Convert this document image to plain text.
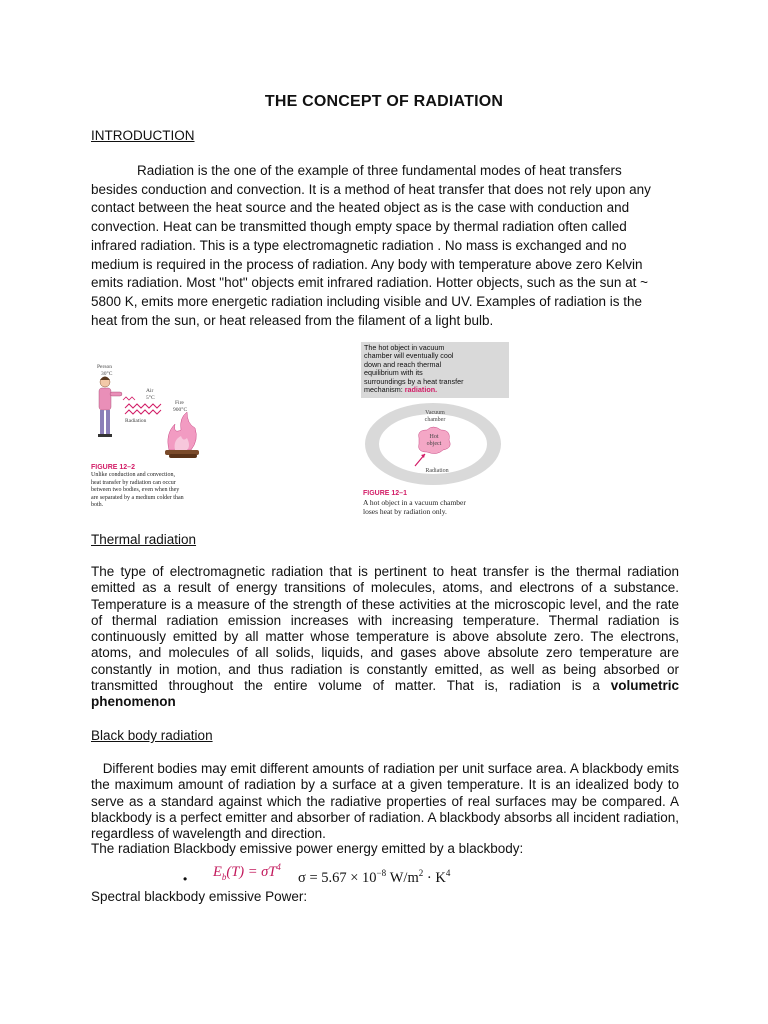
THE CONCEPT OF RADIATION
INTRODUCTION
Radiation is the one of the example of three fundamental modes of heat transfers
besides conduction and convection. It is a method of heat transfer that does not rely upon any
contact between the heat source and the heated object as is the case with conduction and
convection. Heat can be transmitted though empty space by thermal radiation often called
infrared radiation. This is a type electromagnetic radiation . No mass is exchanged and no
medium is required in the process of radiation. Any body with temperature above zero Kelvin
emits radiation. Most "hot" objects emit infrared radiation. Hotter objects, such as the sun at ~
5800 K, emits more energetic radiation including visible and UV. Examples of radiation is the
heat from the sun, or heat released from the filament of a light bulb.
Person
30°C
Air
5°C
Fire
900°C
Radiation
FIGURE 12–2
Unlike conduction and convection,
heat transfer by radiation can occur
between two bodies, even when they
are separated by a medium colder than
both.
The hot object in vacuum
chamber will eventually cool
down and reach thermal
equilibrium with its
surroundings by a heat transfer
mechanism: radiation.
Vacuum
chamber
Hot
object
Radiation
FIGURE 12–1
A hot object in a vacuum chamber
loses heat by radiation only.
Thermal radiation
The type of electromagnetic radiation that is pertinent to heat transfer is the thermal radiation emitted as a result of energy transitions of molecules, atoms, and electrons of a substance. Temperature is a measure of the strength of these activities at the microscopic level, and the rate of thermal radiation emission increases with increasing temperature. Thermal radiation is continuously emitted by all matter whose temperature is above absolute zero. The electrons, atoms, and molecules of all solids, liquids, and gases above absolute zero temperature are constantly in motion, and thus radiation is constantly emitted, as well as being absorbed or transmitted throughout the entire volume of matter. That is, radiation is a volumetric phenomenon
Black body radiation
Different bodies may emit different amounts of radiation per unit surface area. A blackbody emits the maximum amount of radiation by a surface at a given temperature. It is an idealized body to serve as a standard against which the radiative properties of real surfaces may be compared. A blackbody is a perfect emitter and absorber of radiation. A blackbody absorbs all incident radiation, regardless of wavelength and direction.
The radiation Blackbody emissive power energy emitted by a blackbody:
• $E_b(T) = \sigma T^4$
$\sigma = 5.67 \times 10^{-8}$ $W/m^2 \cdot K^4$
Spectral blackbody emissive Power:
